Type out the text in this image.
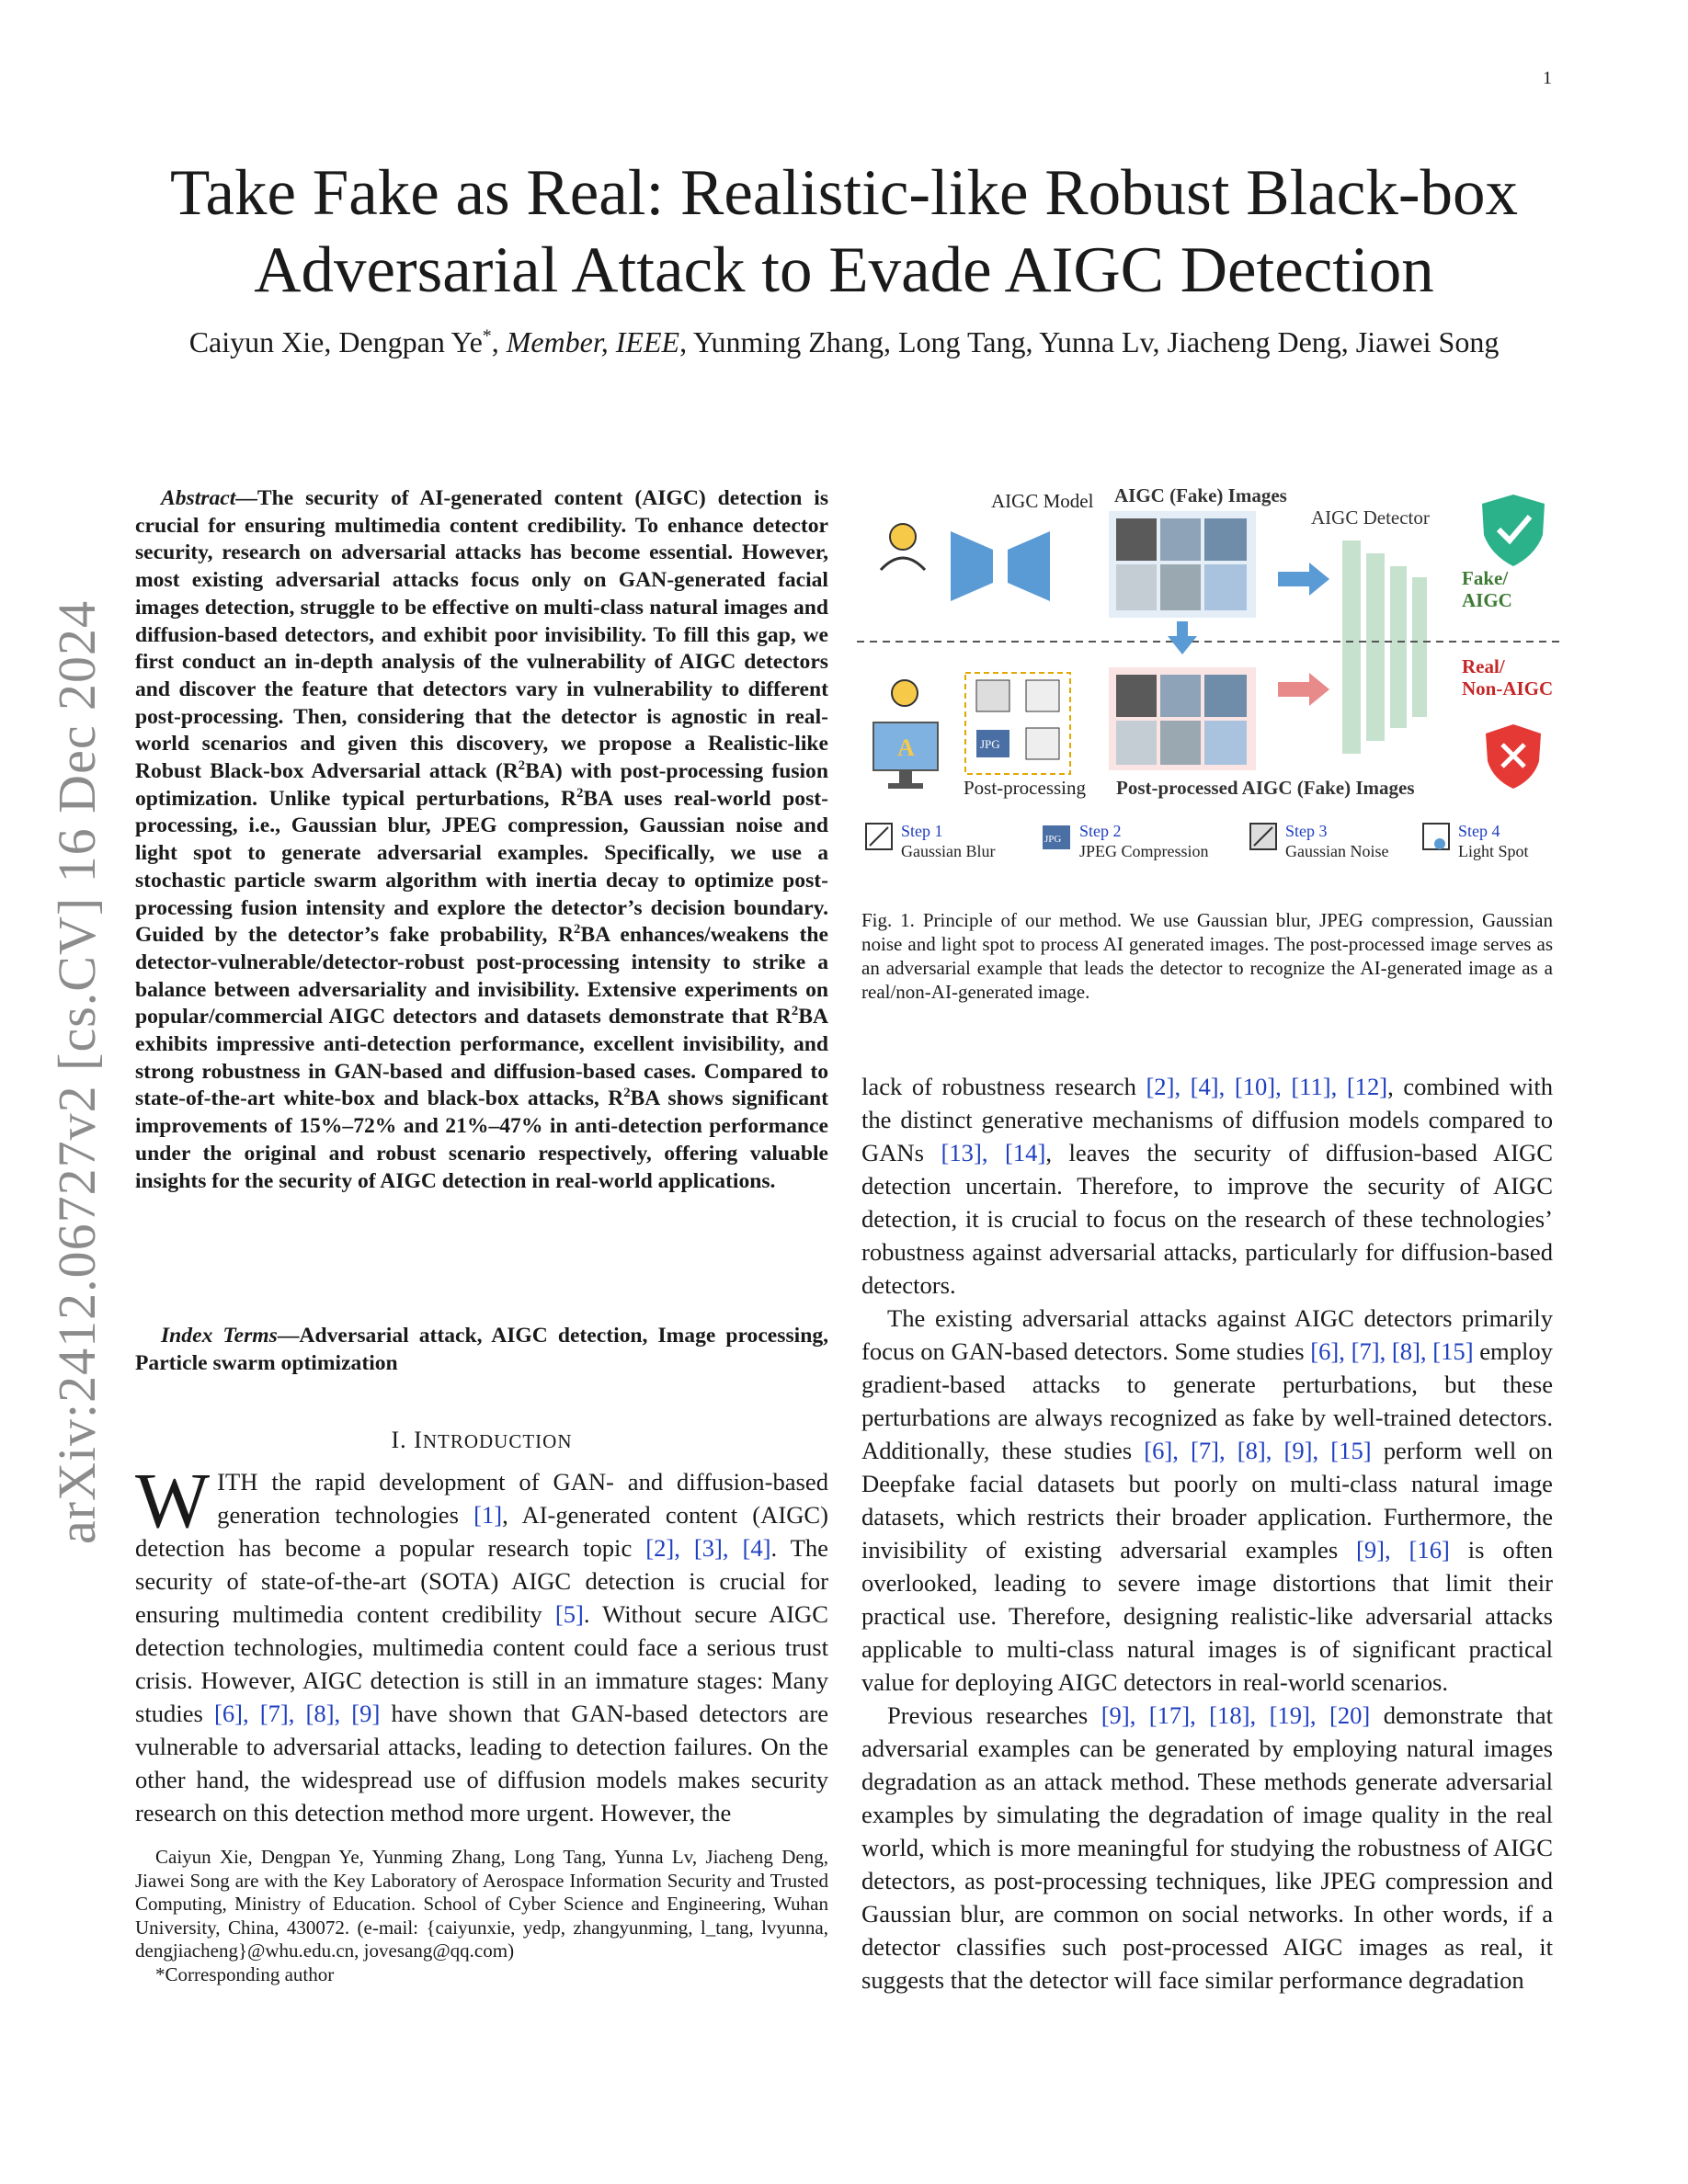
1
arXiv:2412.06727v2 [cs.CV] 16 Dec 2024
Take Fake as Real: Realistic-like Robust Black-box
Adversarial Attack to Evade AIGC Detection
Caiyun Xie, Dengpan Ye*, Member, IEEE, Yunming Zhang, Long Tang, Yunna Lv, Jiacheng Deng, Jiawei Song
Abstract—The security of AI-generated content (AIGC) detection is crucial for ensuring multimedia content credibility. To enhance detector security, research on adversarial attacks has become essential. However, most existing adversarial attacks focus only on GAN-generated facial images detection, struggle to be effective on multi-class natural images and diffusion-based detectors, and exhibit poor invisibility. To fill this gap, we first conduct an in-depth analysis of the vulnerability of AIGC detectors and discover the feature that detectors vary in vulnerability to different post-processing. Then, considering that the detector is agnostic in real-world scenarios and given this discovery, we propose a Realistic-like Robust Black-box Adversarial attack $(R^2BA)$ with post-processing fusion optimization. Unlike typical perturbations, $R^2BA$ uses real-world post-processing, i.e., Gaussian blur, JPEG compression, Gaussian noise and light spot to generate adversarial examples. Specifically, we use a stochastic particle swarm algorithm with inertia decay to optimize post-processing fusion intensity and explore the detector’s decision boundary. Guided by the detector’s fake probability, $R^2BA$ enhances/weakens the detector-vulnerable/detector-robust post-processing intensity to strike a balance between adversariality and invisibility. Extensive experiments on popular/commercial AIGC detectors and datasets demonstrate that $R^2BA$ exhibits impressive anti-detection performance, excellent invisibility, and strong robustness in GAN-based and diffusion-based cases. Compared to state-of-the-art white-box and black-box attacks, $R^2BA$ shows significant improvements of 15%–72% and 21%–47% in anti-detection performance under the original and robust scenario respectively, offering valuable insights for the security of AIGC detection in real-world applications.
Index Terms—Adversarial attack, AIGC detection, Image processing, Particle swarm optimization
I. INTRODUCTION
WITH the rapid development of GAN- and diffusion-based generation technologies [1], AI-generated content (AIGC) detection has become a popular research topic [2], [3], [4]. The security of state-of-the-art (SOTA) AIGC detection is crucial for ensuring multimedia content credibility [5]. Without secure AIGC detection technologies, multimedia content could face a serious trust crisis. However, AIGC detection is still in an immature stages: Many studies [6], [7], [8], [9] have shown that GAN-based detectors are vulnerable to adversarial attacks, leading to detection failures. On the other hand, the widespread use of diffusion models makes security research on this detection method more urgent. However, the
AIGC Model AIGC (Fake) Images
AIGC Detector
Fake/
AIGC
Real/
Non-AIGC
A	JPG
Post-processing Post-processed AIGC (Fake) Images
Step 1
Gaussian Blur
JPG Step 2
JPEG Compression
Step 3
Gaussian Noise
Step 4
Light Spot
Fig. 1. Principle of our method. We use Gaussian blur, JPEG compression, Gaussian noise and light spot to process AI generated images. The post-processed image serves as an adversarial example that leads the detector to recognize the AI-generated image as a real/non-AI-generated image.

lack of robustness research [2], [4], [10], [11], [12], combined with the distinct generative mechanisms of diffusion models compared to GANs [13], [14], leaves the security of diffusion-based AIGC detection uncertain. Therefore, to improve the security of AIGC detection, it is crucial to focus on the research of these technologies’ robustness against adversarial attacks, particularly for diffusion-based detectors.

The existing adversarial attacks against AIGC detectors primarily focus on GAN-based detectors. Some studies [6], [7], [8], [15] employ gradient-based attacks to generate perturbations, but these perturbations are always recognized as fake by well-trained detectors. Additionally, these studies [6], [7], [8], [9], [15] perform well on Deepfake facial datasets but poorly on multi-class natural image datasets, which restricts their broader application. Furthermore, the invisibility of existing adversarial examples [9], [16] is often overlooked, leading to severe image distortions that limit their practical use. Therefore, designing realistic-like adversarial attacks applicable to multi-class natural images is of significant practical value for deploying AIGC detectors in real-world scenarios.

Previous researches [9], [17], [18], [19], [20] demonstrate that adversarial examples can be generated by employing natural images degradation as an attack method. These methods generate adversarial examples by simulating the degradation of image quality in the real world, which is more meaningful for studying the robustness of AIGC detectors, as post-processing techniques, like JPEG compression and Gaussian blur, are common on social networks. In other words, if a detector classifies such post-processed AIGC images as real, it suggests that the detector will face similar performance degradation

Caiyun Xie, Dengpan Ye, Yunming Zhang, Long Tang, Yunna Lv, Jiacheng Deng, Jiawei Song are with the Key Laboratory of Aerospace Information Security and Trusted Computing, Ministry of Education. School of Cyber Science and Engineering, Wuhan University, China, 430072. (e-mail: {caiyunxie, yedp, zhangyunming, l_tang, lvyunna, dengjiacheng}@whu.edu.cn, jovesang@qq.com)
*Corresponding author
